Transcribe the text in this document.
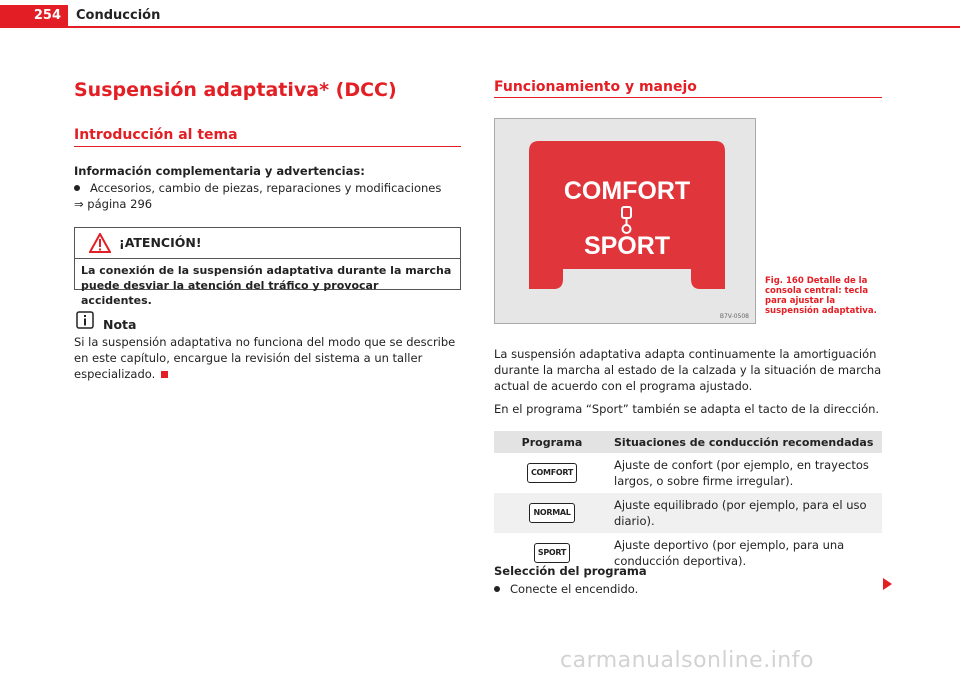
254	Conducción
Suspensión adaptativa* (DCC)
Introducción al tema
Información complementaria y advertencias:
Accesorios, cambio de piezas, reparaciones y modificaciones
⇒ página 296
¡ATENCIÓN!
La conexión de la suspensión adaptativa durante la marcha puede desviar la atención del tráfico y provocar accidentes.
Nota
Si la suspensión adaptativa no funciona del modo que se describe en este capítulo, encargue la revisión del sistema a un taller especializado.
Funcionamiento y manejo
COMFORT
SPORT
B7V-0508
Fig. 160 Detalle de la consola central: tecla para ajustar la suspensión adaptativa.
La suspensión adaptativa adapta continuamente la amortiguación durante la marcha al estado de la calzada y la situación de marcha actual de acuerdo con el programa ajustado.
En el programa “Sport” también se adapta el tacto de la dirección.
Programa	Situaciones de conducción recomendadas
COMFORT	Ajuste de confort (por ejemplo, en trayectos largos, o sobre firme irregular).
NORMAL	Ajuste equilibrado (por ejemplo, para el uso diario).
SPORT	Ajuste deportivo (por ejemplo, para una conducción deportiva).
Selección del programa
Conecte el encendido.
carmanualsonline.info
